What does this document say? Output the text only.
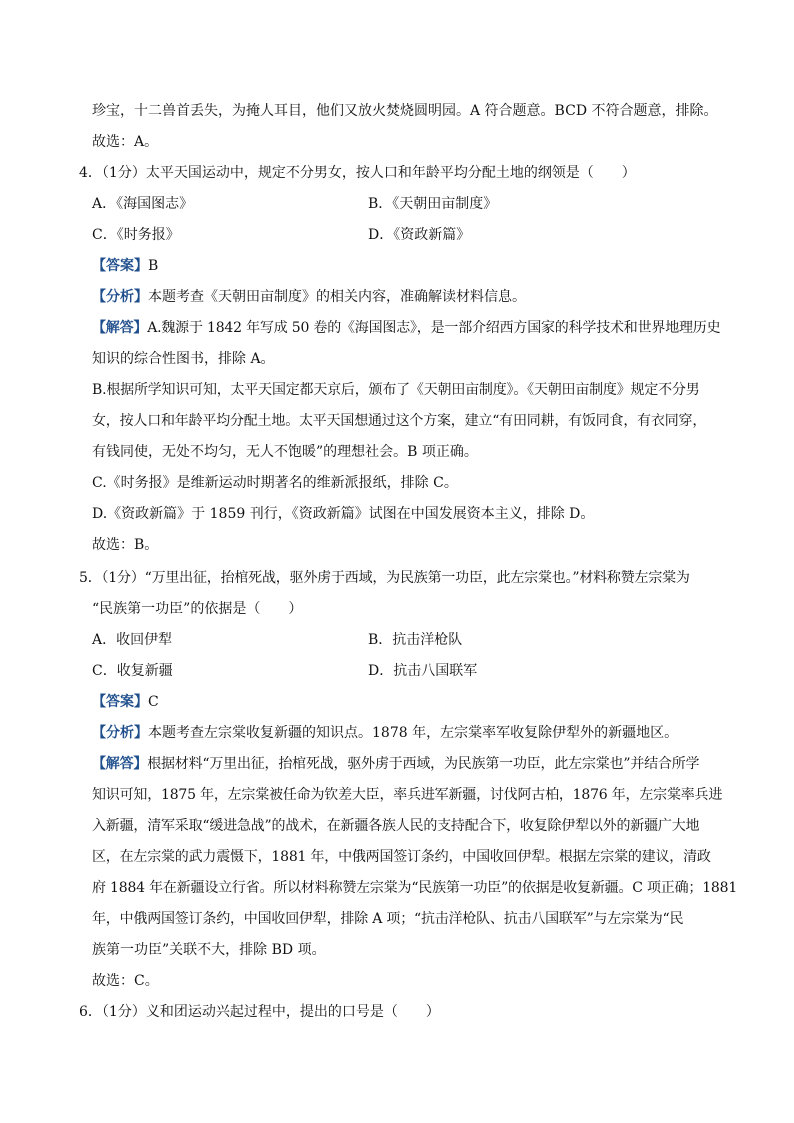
珍宝，十二兽首丢失，为掩人耳目，他们又放火焚烧圆明园。A 符合题意。BCD 不符合题意，排除。
故选：A。
4．（1分）太平天国运动中，规定不分男女，按人口和年龄平均分配土地的纲领是（　　）
A．《海国图志》	B．《天朝田亩制度》
C．《时务报》	D．《资政新篇》
【答案】B
【分析】本题考查《天朝田亩制度》的相关内容，准确解读材料信息。
【解答】A.魏源于 1842 年写成 50 卷的《海国图志》，是一部介绍西方国家的科学技术和世界地理历史
知识的综合性图书，排除 A。
B.根据所学知识可知，太平天国定都天京后，颁布了《天朝田亩制度》。《天朝田亩制度》规定不分男
女，按人口和年龄平均分配土地。太平天国想通过这个方案，建立“有田同耕，有饭同食，有衣同穿，
有钱同使，无处不均匀，无人不饱暖”的理想社会。B 项正确。
C.《时务报》是维新运动时期著名的维新派报纸，排除 C。
D.《资政新篇》于 1859 刊行，《资政新篇》试图在中国发展资本主义，排除 D。
故选：B。
5．（1分）“万里出征，抬棺死战，驱外虏于西域，为民族第一功臣，此左宗棠也。”材料称赞左宗棠为
“民族第一功臣”的依据是（　　）
A．收回伊犁	B．抗击洋枪队
C．收复新疆	D．抗击八国联军
【答案】C
【分析】本题考查左宗棠收复新疆的知识点。1878 年，左宗棠率军收复除伊犁外的新疆地区。
【解答】根据材料“万里出征，抬棺死战，驱外虏于西域，为民族第一功臣，此左宗棠也”并结合所学
知识可知，1875 年，左宗棠被任命为钦差大臣，率兵进军新疆，讨伐阿古柏，1876 年，左宗棠率兵进
入新疆，清军采取“缓进急战”的战术，在新疆各族人民的支持配合下，收复除伊犁以外的新疆广大地
区，在左宗棠的武力震慑下，1881 年，中俄两国签订条约，中国收回伊犁。根据左宗棠的建议，清政
府 1884 年在新疆设立行省。所以材料称赞左宗棠为“民族第一功臣”的依据是收复新疆。C 项正确；1881
年，中俄两国签订条约，中国收回伊犁，排除 A 项；“抗击洋枪队、抗击八国联军”与左宗棠为“民
族第一功臣”关联不大，排除 BD 项。
故选：C。
6．（1分）义和团运动兴起过程中，提出的口号是（　　）
